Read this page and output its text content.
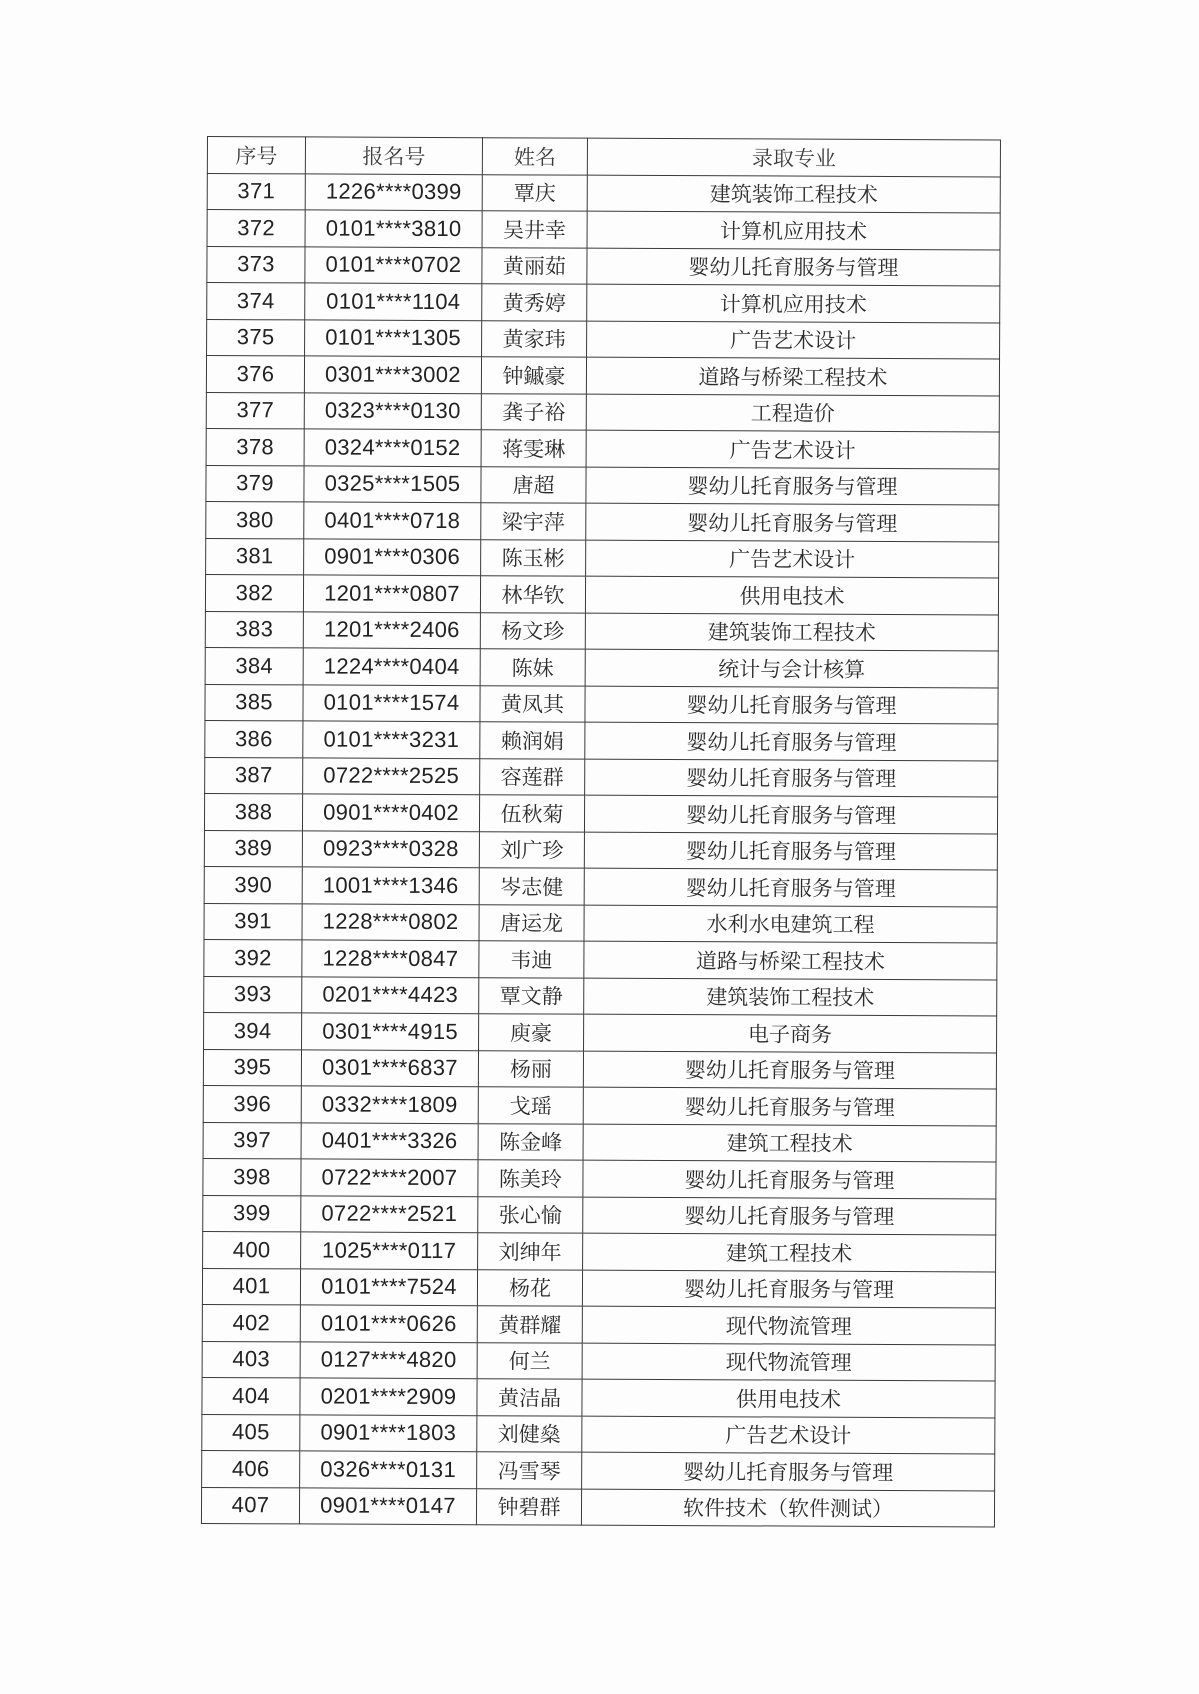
序号	报名号	姓名	录取专业
371	1226****0399	覃庆	建筑装饰工程技术
372	0101****3810	吴井幸	计算机应用技术
373	0101****0702	黄丽茹	婴幼儿托育服务与管理
374	0101****1104	黄秀婷	计算机应用技术
375	0101****1305	黄家玮	广告艺术设计
376	0301****3002	钟鏚豪	道路与桥梁工程技术
377	0323****0130	龚子裕	工程造价
378	0324****0152	蒋雯琳	广告艺术设计
379	0325****1505	唐超	婴幼儿托育服务与管理
380	0401****0718	梁宇萍	婴幼儿托育服务与管理
381	0901****0306	陈玉彬	广告艺术设计
382	1201****0807	林华钦	供用电技术
383	1201****2406	杨文珍	建筑装饰工程技术
384	1224****0404	陈妹	统计与会计核算
385	0101****1574	黄凤其	婴幼儿托育服务与管理
386	0101****3231	赖润娟	婴幼儿托育服务与管理
387	0722****2525	容莲群	婴幼儿托育服务与管理
388	0901****0402	伍秋菊	婴幼儿托育服务与管理
389	0923****0328	刘广珍	婴幼儿托育服务与管理
390	1001****1346	岑志健	婴幼儿托育服务与管理
391	1228****0802	唐运龙	水利水电建筑工程
392	1228****0847	韦迪	道路与桥梁工程技术
393	0201****4423	覃文静	建筑装饰工程技术
394	0301****4915	庾豪	电子商务
395	0301****6837	杨丽	婴幼儿托育服务与管理
396	0332****1809	戈瑶	婴幼儿托育服务与管理
397	0401****3326	陈金峰	建筑工程技术
398	0722****2007	陈美玲	婴幼儿托育服务与管理
399	0722****2521	张心愉	婴幼儿托育服务与管理
400	1025****0117	刘绅年	建筑工程技术
401	0101****7524	杨花	婴幼儿托育服务与管理
402	0101****0626	黄群耀	现代物流管理
403	0127****4820	何兰	现代物流管理
404	0201****2909	黄洁晶	供用电技术
405	0901****1803	刘健燊	广告艺术设计
406	0326****0131	冯雪琴	婴幼儿托育服务与管理
407	0901****0147	钟碧群	软件技术（软件测试）
